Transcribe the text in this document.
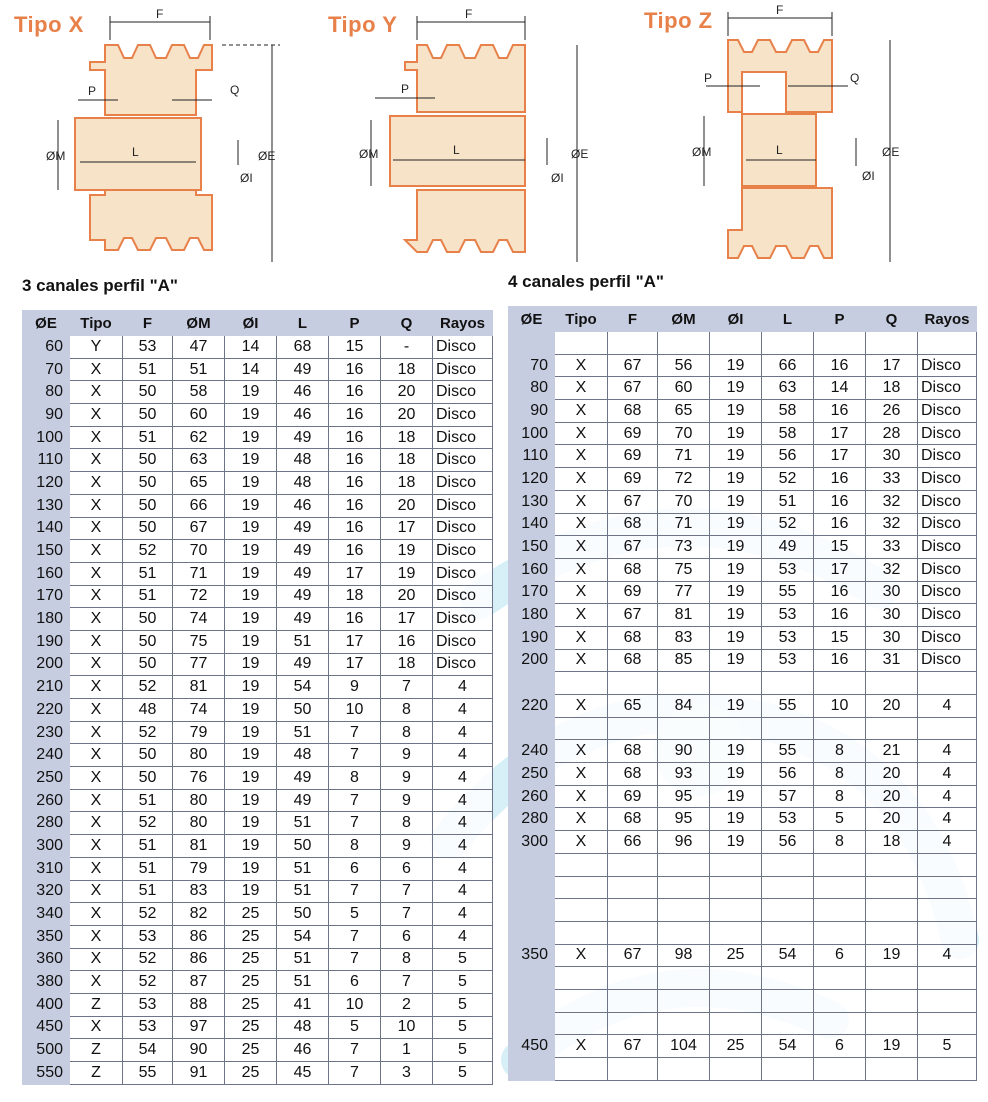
Tipo X	F
P	Q
ØM	L	ØE
ØI
Tipo Y	F
P
ØM	L	ØE
ØI
Tipo Z	F
P	Q
ØM	L	ØE
ØI
3 canales perfil "A"	4 canales perfil "A"
ØE	Tipo	F	ØM	ØI	L	P	Q	Rayos
60	Y	53	47	14	68	15	-	Disco
70	X	51	51	14	49	16	18	Disco
80	X	50	58	19	46	16	20	Disco
90	X	50	60	19	46	16	20	Disco
100	X	51	62	19	49	16	18	Disco
110	X	50	63	19	48	16	18	Disco
120	X	50	65	19	48	16	18	Disco
130	X	50	66	19	46	16	20	Disco
140	X	50	67	19	49	16	17	Disco
150	X	52	70	19	49	16	19	Disco
160	X	51	71	19	49	17	19	Disco
170	X	51	72	19	49	18	20	Disco
180	X	50	74	19	49	16	17	Disco
190	X	50	75	19	51	17	16	Disco
200	X	50	77	19	49	17	18	Disco
210	X	52	81	19	54	9	7	4
220	X	48	74	19	50	10	8	4
230	X	52	79	19	51	7	8	4
240	X	50	80	19	48	7	9	4
250	X	50	76	19	49	8	9	4
260	X	51	80	19	49	7	9	4
280	X	52	80	19	51	7	8	4
300	X	51	81	19	50	8	9	4
310	X	51	79	19	51	6	6	4
320	X	51	83	19	51	7	7	4
340	X	52	82	25	50	5	7	4
350	X	53	86	25	54	7	6	4
360	X	52	86	25	51	7	8	5
380	X	52	87	25	51	6	7	5
400	Z	53	88	25	41	10	2	5
450	X	53	97	25	48	5	10	5
500	Z	54	90	25	46	7	1	5
550	Z	55	91	25	45	7	3	5
ØE	Tipo	F	ØM	ØI	L	P	Q	Rayos

70	X	67	56	19	66	16	17	Disco
80	X	67	60	19	63	14	18	Disco
90	X	68	65	19	58	16	26	Disco
100	X	69	70	19	58	17	28	Disco
110	X	69	71	19	56	17	30	Disco
120	X	69	72	19	52	16	33	Disco
130	X	67	70	19	51	16	32	Disco
140	X	68	71	19	52	16	32	Disco
150	X	67	73	19	49	15	33	Disco
160	X	68	75	19	53	17	32	Disco
170	X	69	77	19	55	16	30	Disco
180	X	67	81	19	53	16	30	Disco
190	X	68	83	19	53	15	30	Disco
200	X	68	85	19	53	16	31	Disco

220	X	65	84	19	55	10	20	4

240	X	68	90	19	55	8	21	4
250	X	68	93	19	56	8	20	4
260	X	69	95	19	57	8	20	4
280	X	68	95	19	53	5	20	4
300	X	66	96	19	56	8	18	4

350	X	67	98	25	54	6	19	4

450	X	67	104	25	54	6	19	5
